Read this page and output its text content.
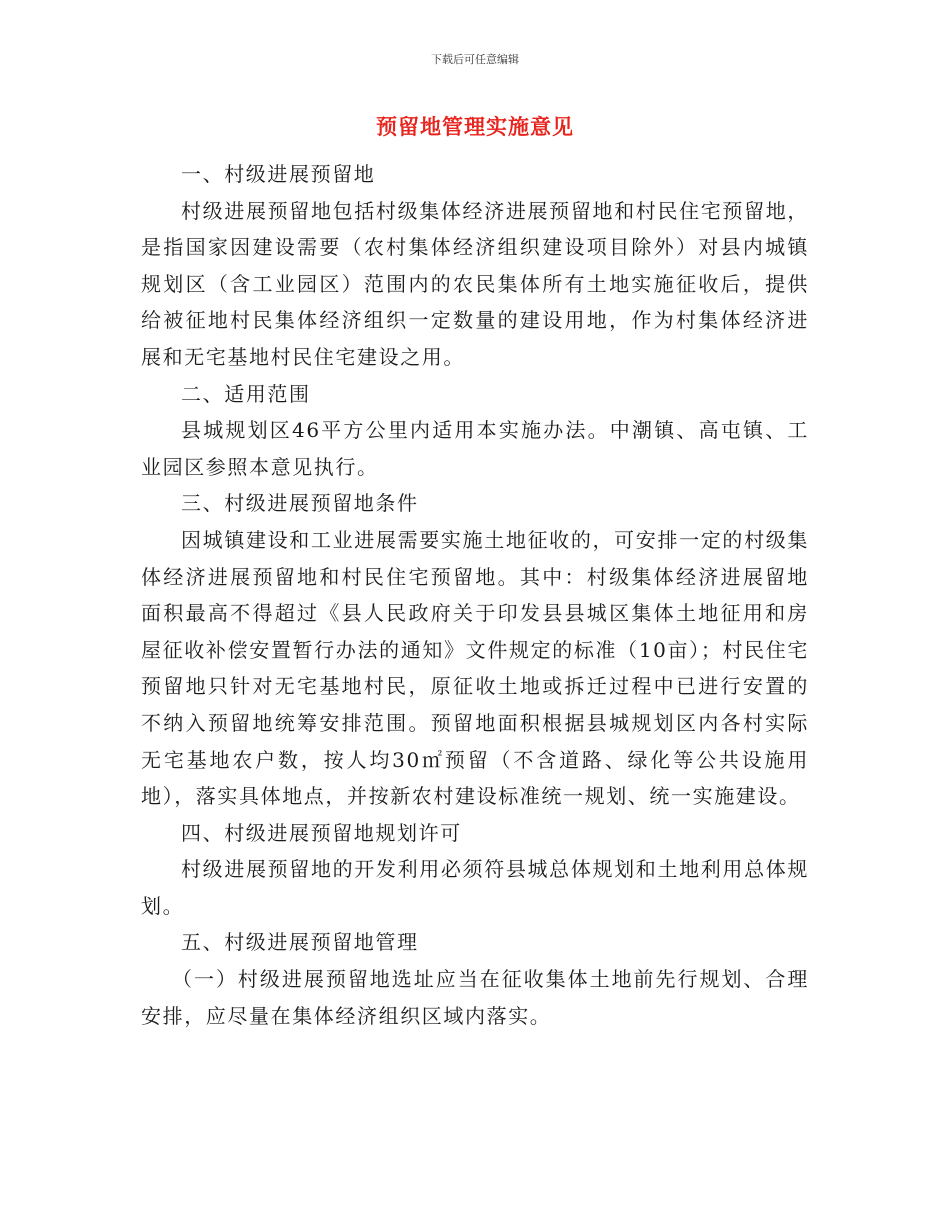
下载后可任意编辑
预留地管理实施意见

一、村级进展预留地

村级进展预留地包括村级集体经济进展预留地和村民住宅预留地，是指国家因建设需要（农村集体经济组织建设项目除外）对县内城镇规划区（含工业园区）范围内的农民集体所有土地实施征收后，提供给被征地村民集体经济组织一定数量的建设用地，作为村集体经济进展和无宅基地村民住宅建设之用。

二、适用范围

县城规划区46平方公里内适用本实施办法。中潮镇、高屯镇、工业园区参照本意见执行。

三、村级进展预留地条件

因城镇建设和工业进展需要实施土地征收的，可安排一定的村级集体经济进展预留地和村民住宅预留地。其中：村级集体经济进展留地面积最高不得超过《县人民政府关于印发县县城区集体土地征用和房屋征收补偿安置暂行办法的通知》文件规定的标准（10亩）；村民住宅预留地只针对无宅基地村民，原征收土地或拆迁过程中已进行安置的不纳入预留地统筹安排范围。预留地面积根据县城规划区内各村实际无宅基地农户数，按人均30㎡预留（不含道路、绿化等公共设施用地），落实具体地点，并按新农村建设标准统一规划、统一实施建设。

四、村级进展预留地规划许可

村级进展预留地的开发利用必须符县城总体规划和土地利用总体规划。

五、村级进展预留地管理

（一）村级进展预留地选址应当在征收集体土地前先行规划、合理安排，应尽量在集体经济组织区域内落实。
